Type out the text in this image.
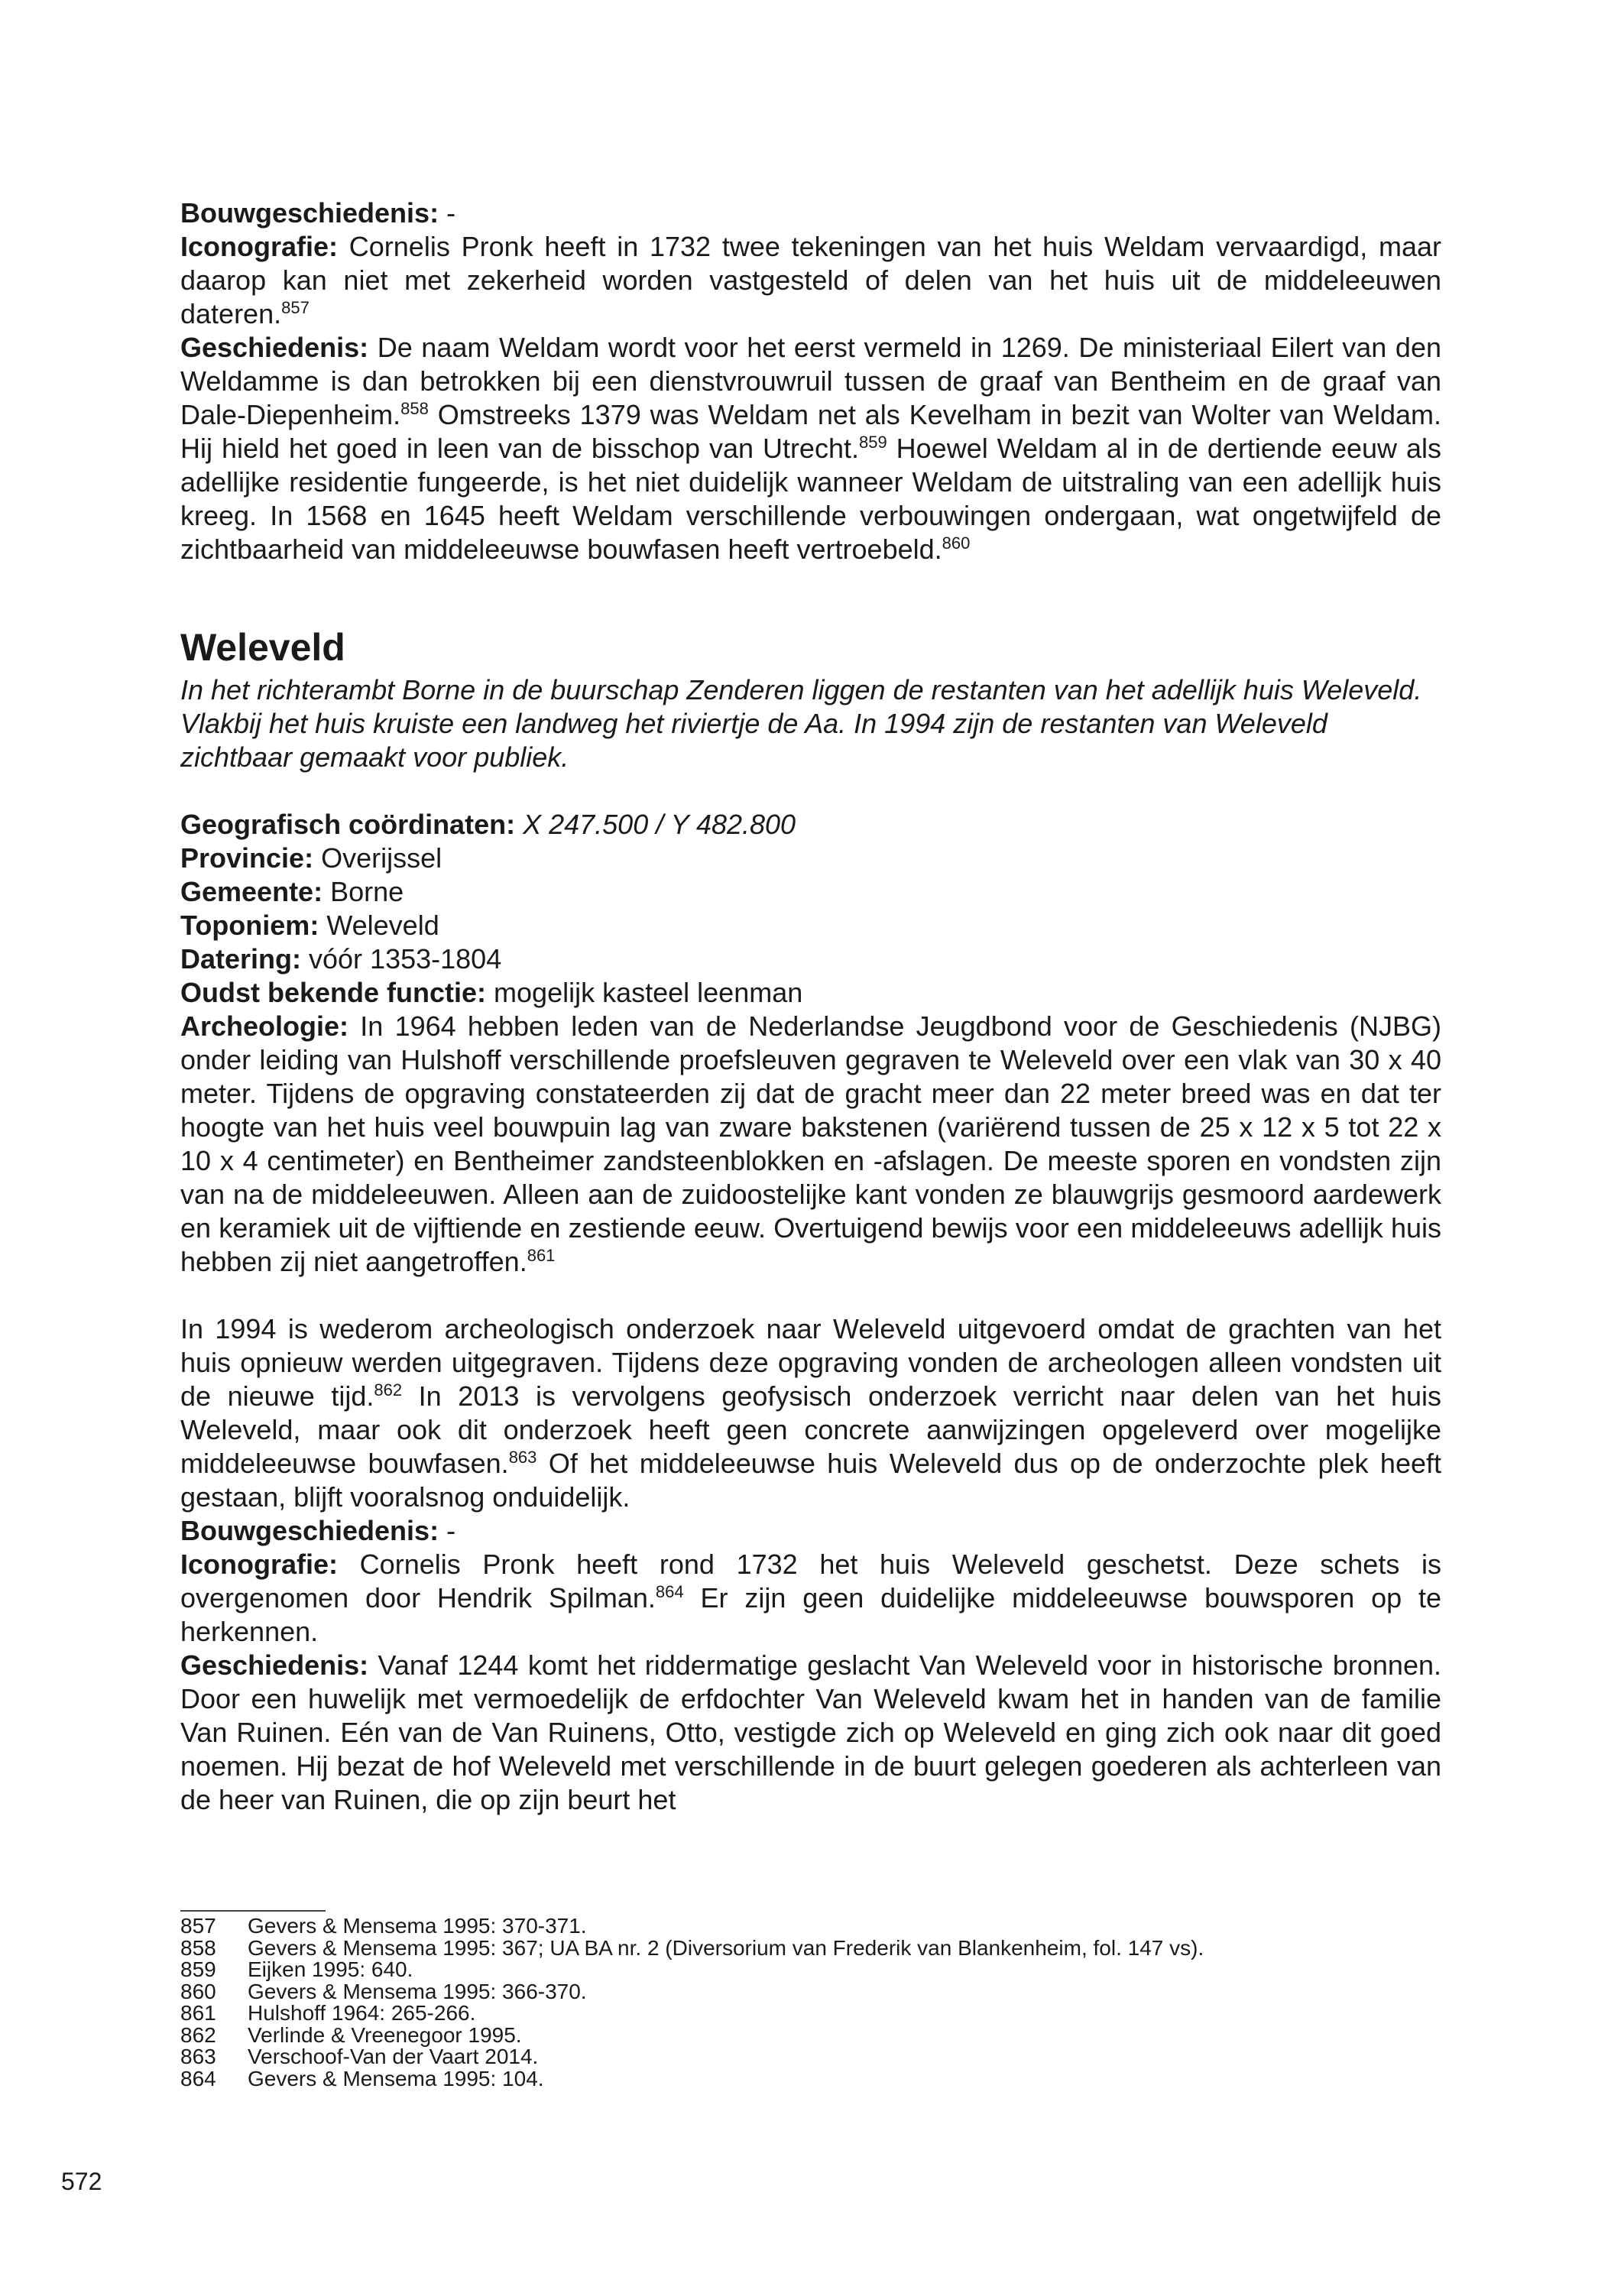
Bouwgeschiedenis: -

Iconografie: Cornelis Pronk heeft in 1732 twee tekeningen van het huis Weldam vervaardigd, maar daarop kan niet met zekerheid worden vastgesteld of delen van het huis uit de middeleeuwen dateren.$^{857}$

Geschiedenis: De naam Weldam wordt voor het eerst vermeld in 1269. De ministeriaal Eilert van den Weldamme is dan betrokken bij een dienstvrouwruil tussen de graaf van Bentheim en de graaf van Dale-Diepenheim.$^{858}$ Omstreeks 1379 was Weldam net als Kevelham in bezit van Wolter van Weldam. Hij hield het goed in leen van de bisschop van Utrecht.$^{859}$ Hoewel Weldam al in de dertiende eeuw als adellijke residentie fungeerde, is het niet duidelijk wanneer Weldam de uitstraling van een adellijk huis kreeg. In 1568 en 1645 heeft Weldam verschillende verbouwingen ondergaan, wat ongetwijfeld de zichtbaarheid van middeleeuwse bouwfasen heeft vertroebeld.$^{860}$

Weleveld

In het richterambt Borne in de buurschap Zenderen liggen de restanten van het adellijk huis Weleveld. Vlakbij het huis kruiste een landweg het riviertje de Aa. In 1994 zijn de restanten van Weleveld zichtbaar gemaakt voor publiek.

Geografisch coördinaten: X 247.500 / Y 482.800

Provincie: Overijssel

Gemeente: Borne

Toponiem: Weleveld

Datering: vóór 1353-1804

Oudst bekende functie: mogelijk kasteel leenman

Archeologie: In 1964 hebben leden van de Nederlandse Jeugdbond voor de Geschiedenis (NJBG) onder leiding van Hulshoff verschillende proefsleuven gegraven te Weleveld over een vlak van 30 x 40 meter. Tijdens de opgraving constateerden zij dat de gracht meer dan 22 meter breed was en dat ter hoogte van het huis veel bouwpuin lag van zware bakstenen (variërend tussen de 25 x 12 x 5 tot 22 x 10 x 4 centimeter) en Bentheimer zandsteenblokken en -afslagen. De meeste sporen en vondsten zijn van na de middeleeuwen. Alleen aan de zuidoostelijke kant vonden ze blauwgrijs gesmoord aardewerk en keramiek uit de vijftiende en zestiende eeuw. Overtuigend bewijs voor een middeleeuws adellijk huis hebben zij niet aangetroffen.$^{861}$

In 1994 is wederom archeologisch onderzoek naar Weleveld uitgevoerd omdat de grachten van het huis opnieuw werden uitgegraven. Tijdens deze opgraving vonden de archeologen alleen vondsten uit de nieuwe tijd.$^{862}$ In 2013 is vervolgens geofysisch onderzoek verricht naar delen van het huis Weleveld, maar ook dit onderzoek heeft geen concrete aanwijzingen opgeleverd over mogelijke middeleeuwse bouwfasen.$^{863}$ Of het middeleeuwse huis Weleveld dus op de onderzochte plek heeft gestaan, blijft vooralsnog onduidelijk.

Bouwgeschiedenis: -

Iconografie: Cornelis Pronk heeft rond 1732 het huis Weleveld geschetst. Deze schets is overgenomen door Hendrik Spilman.$^{864}$ Er zijn geen duidelijke middeleeuwse bouwsporen op te herkennen.

Geschiedenis: Vanaf 1244 komt het riddermatige geslacht Van Weleveld voor in historische bronnen. Door een huwelijk met vermoedelijk de erfdochter Van Weleveld kwam het in handen van de familie Van Ruinen. Eén van de Van Ruinens, Otto, vestigde zich op Weleveld en ging zich ook naar dit goed noemen. Hij bezat de hof Weleveld met verschillende in de buurt gelegen goederen als achterleen van de heer van Ruinen, die op zijn beurt het

857	Gevers & Mensema 1995: 370-371.
858	Gevers & Mensema 1995: 367; UA BA nr. 2 (Diversorium van Frederik van Blankenheim, fol. 147 vs).
859	Eijken 1995: 640.
860	Gevers & Mensema 1995: 366-370.
861	Hulshoff 1964: 265-266.
862	Verlinde & Vreenegoor 1995.
863	Verschoof-Van der Vaart 2014.
864	Gevers & Mensema 1995: 104.
572
